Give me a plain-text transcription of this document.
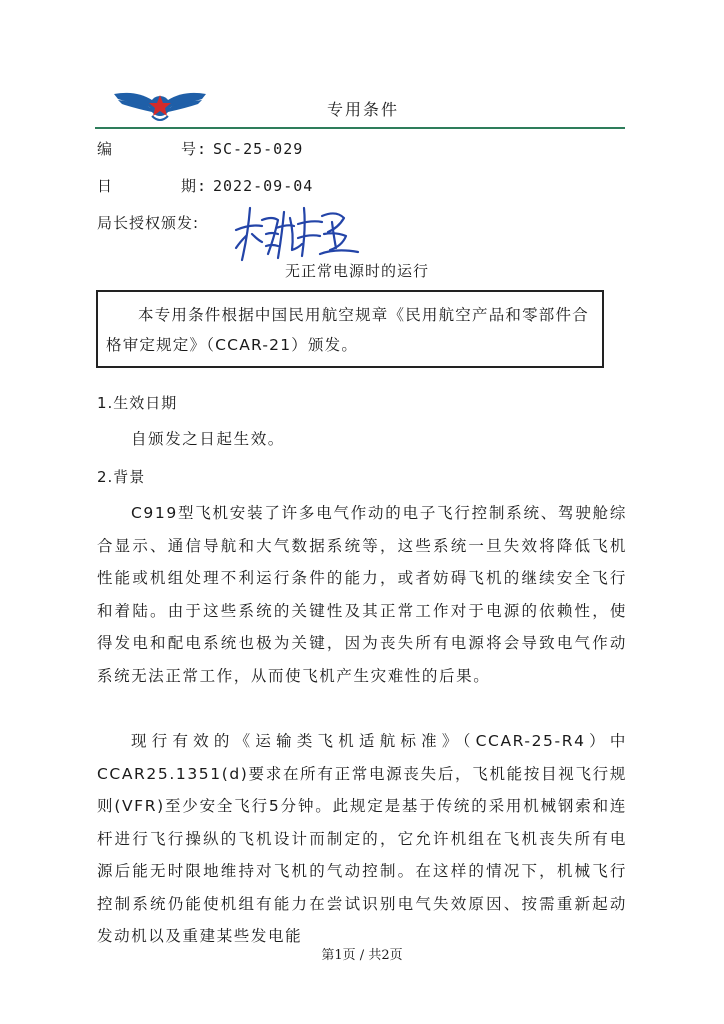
专用条件
编	号: SC-25-029
日	期: 2022-09-04
局长授权颁发:
无正常电源时的运行

本专用条件根据中国民用航空规章《民用航空产品和零部件合格审定规定》（CCAR-21）颁发。

1.生效日期

自颁发之日起生效。

2.背景

C919型飞机安装了许多电气作动的电子飞行控制系统、驾驶舱综合显示、通信导航和大气数据系统等，这些系统一旦失效将降低飞机性能或机组处理不利运行条件的能力，或者妨碍飞机的继续安全飞行和着陆。由于这些系统的关键性及其正常工作对于电源的依赖性，使得发电和配电系统也极为关键，因为丧失所有电源将会导致电气作动系统无法正常工作，从而使飞机产生灾难性的后果。

现行有效的《运输类飞机适航标准》（CCAR-25-R4）中CCAR25.1351(d)要求在所有正常电源丧失后，飞机能按目视飞行规则(VFR)至少安全飞行5分钟。此规定是基于传统的采用机械钢索和连杆进行飞行操纵的飞机设计而制定的，它允许机组在飞机丧失所有电源后能无时限地维持对飞机的气动控制。在这样的情况下，机械飞行控制系统仍能使机组有能力在尝试识别电气失效原因、按需重新起动发动机以及重建某些发电能

第1页 / 共2页
